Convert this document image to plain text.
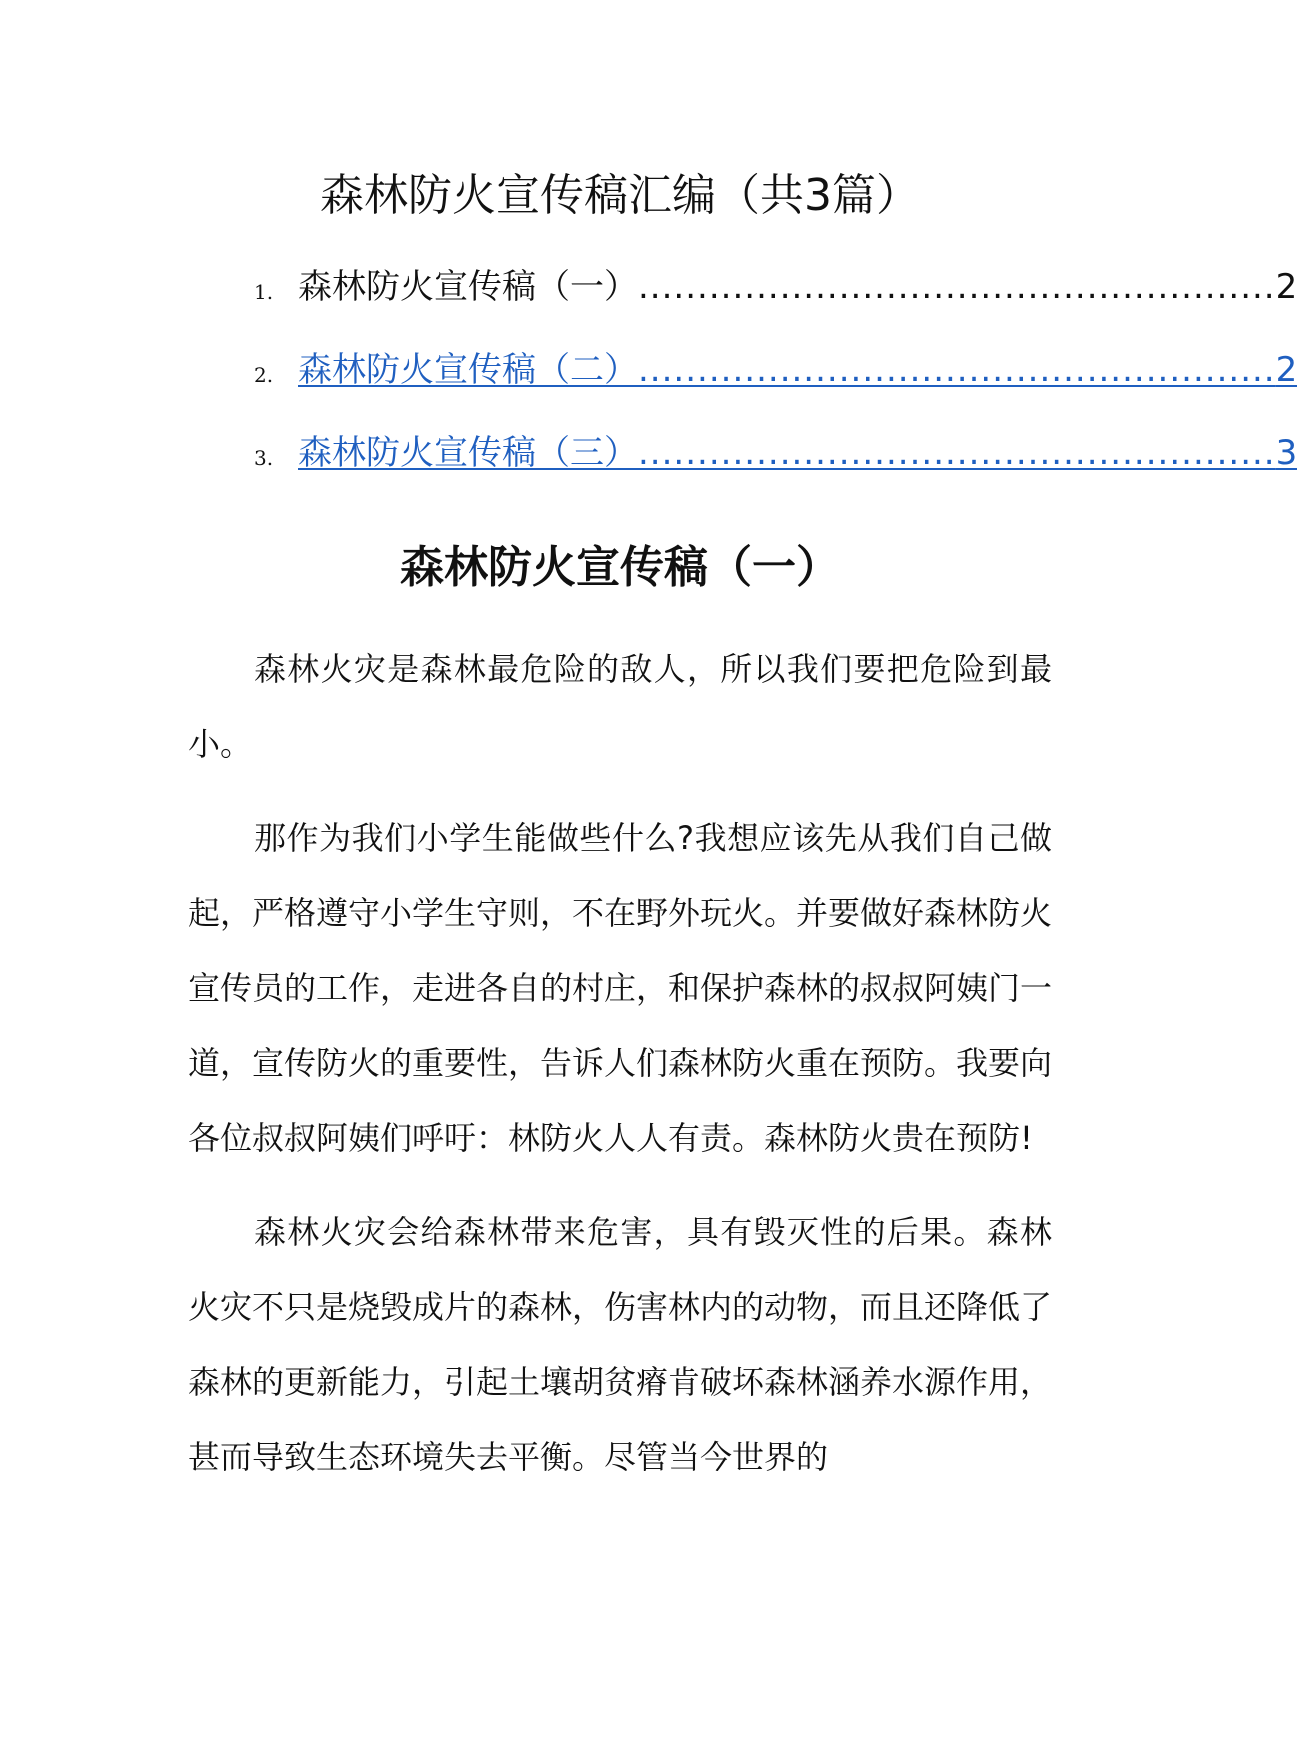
森林防火宣传稿汇编（共3篇）
1. 森林防火宣传稿（一） ...................................................... 2
2. 森林防火宣传稿（二） ...................................................... 2
3. 森林防火宣传稿（三） ...................................................... 3
森林防火宣传稿（一）

森林火灾是森林最危险的敌人，所以我们要把危险到最小。

那作为我们小学生能做些什么?我想应该先从我们自己做起，严格遵守小学生守则，不在野外玩火。并要做好森林防火宣传员的工作，走进各自的村庄，和保护森林的叔叔阿姨门一道，宣传防火的重要性，告诉人们森林防火重在预防。我要向各位叔叔阿姨们呼吁：林防火人人有责。森林防火贵在预防!

森林火灾会给森林带来危害，具有毁灭性的后果。森林火灾不只是烧毁成片的森林，伤害林内的动物，而且还降低了森林的更新能力，引起土壤胡贫瘠肯破坏森林涵养水源作用，甚而导致生态环境失去平衡。尽管当今世界的
